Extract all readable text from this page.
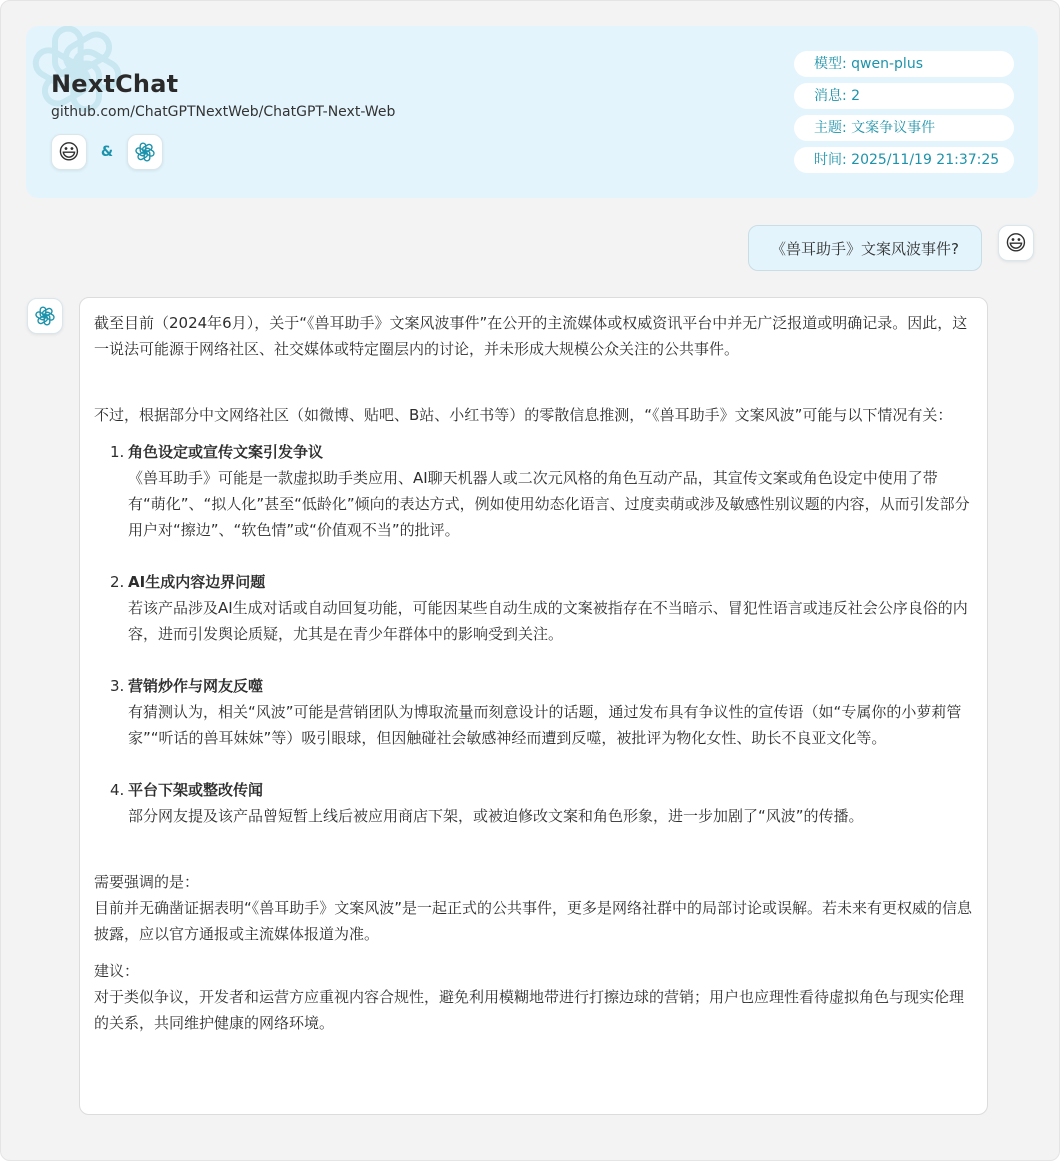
NextChat
github.com/ChatGPTNextWeb/ChatGPT-Next-Web
😃	&
模型: qwen-plus
消息: 2
主题: 文案争议事件
时间: 2025/11/19 21:37:25
《兽耳助手》文案风波事件?	😃

截至目前（2024年6月），关于“《兽耳助手》文案风波事件”在公开的主流媒体或权威资讯平台中并无广泛报道或明确记录。因此，这一说法可能源于网络社区、社交媒体或特定圈层内的讨论，并未形成大规模公众关注的公共事件。

不过，根据部分中文网络社区（如微博、贴吧、B站、小红书等）的零散信息推测，“《兽耳助手》文案风波”可能与以下情况有关：

1. 角色设定或宣传文案引发争议
《兽耳助手》可能是一款虚拟助手类应用、AI聊天机器人或二次元风格的角色互动产品，其宣传文案或角色设定中使用了带有“萌化”、“拟人化”甚至“低龄化”倾向的表达方式，例如使用幼态化语言、过度卖萌或涉及敏感性别议题的内容，从而引发部分用户对“擦边”、“软色情”或“价值观不当”的批评。
2. AI生成内容边界问题
若该产品涉及AI生成对话或自动回复功能，可能因某些自动生成的文案被指存在不当暗示、冒犯性语言或违反社会公序良俗的内容，进而引发舆论质疑，尤其是在青少年群体中的影响受到关注。
3. 营销炒作与网友反噬
有猜测认为，相关“风波”可能是营销团队为博取流量而刻意设计的话题，通过发布具有争议性的宣传语（如“专属你的小萝莉管家”“听话的兽耳妹妹”等）吸引眼球，但因触碰社会敏感神经而遭到反噬，被批评为物化女性、助长不良亚文化等。
4. 平台下架或整改传闻
部分网友提及该产品曾短暂上线后被应用商店下架，或被迫修改文案和角色形象，进一步加剧了“风波”的传播。

需要强调的是：

目前并无确凿证据表明“《兽耳助手》文案风波”是一起正式的公共事件，更多是网络社群中的局部讨论或误解。若未来有更权威的信息披露，应以官方通报或主流媒体报道为准。

建议：

对于类似争议，开发者和运营方应重视内容合规性，避免利用模糊地带进行打擦边球的营销；用户也应理性看待虚拟角色与现实伦理的关系，共同维护健康的网络环境。
